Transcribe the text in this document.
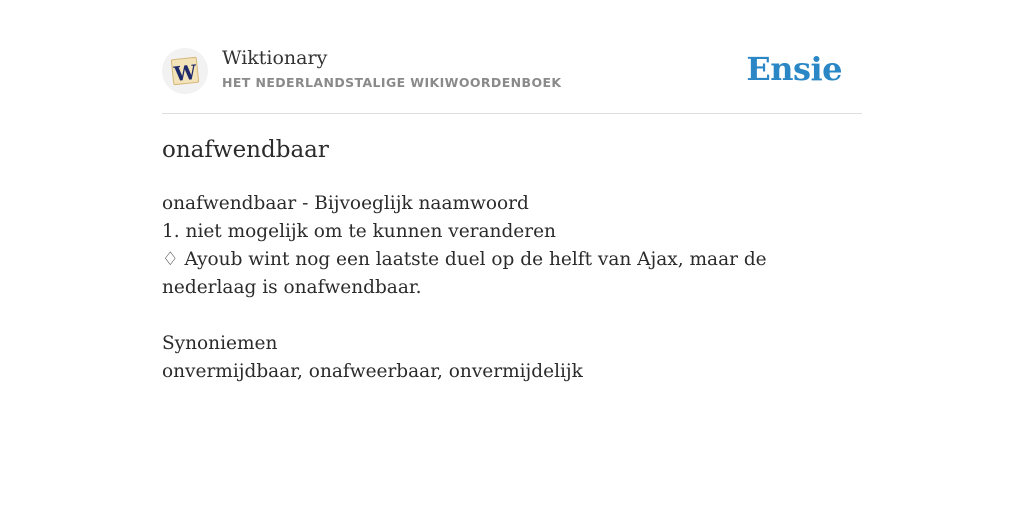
W
Wiktionary
HET NEDERLANDSTALIGE WIKIWOORDENBOEK	Ensie
onafwendbaar
onafwendbaar - Bijvoeglijk naamwoord
1. niet mogelijk om te kunnen veranderen
♢ Ayoub wint nog een laatste duel op de helft van Ajax, maar de nederlaag is onafwendbaar.
Synoniemen
onvermijdbaar, onafweerbaar, onvermijdelijk
